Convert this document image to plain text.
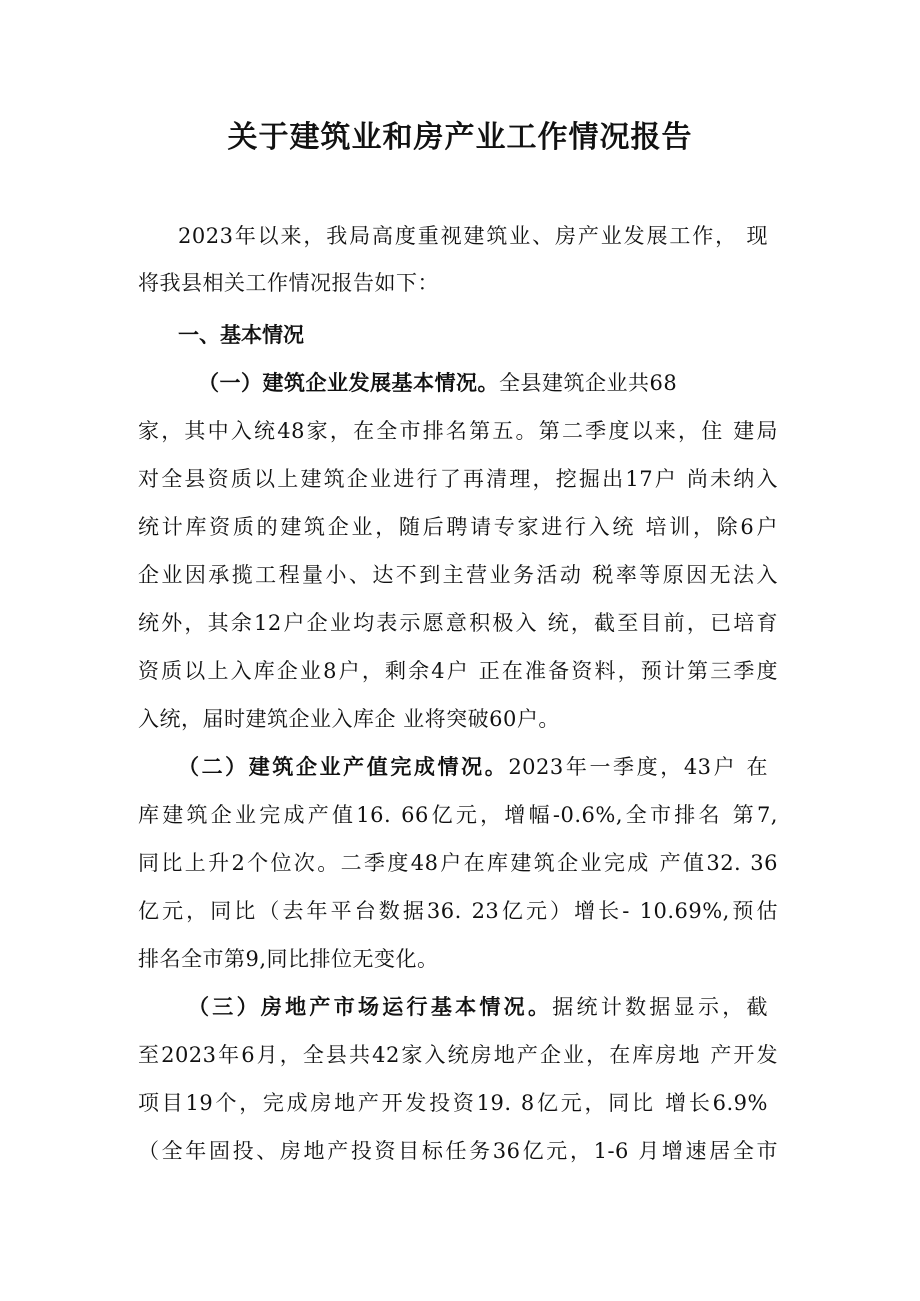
关于建筑业和房产业工作情况报告
2023年以来，我局高度重视建筑业、房产业发展工作， 现
将我县相关工作情况报告如下：
一、基本情况
（一）建筑企业发展基本情况。全县建筑企业共68
家，其中入统48家，在全市排名第五。第二季度以来，住 建局
对全县资质以上建筑企业进行了再清理，挖掘出17户 尚未纳入
统计库资质的建筑企业，随后聘请专家进行入统 培训，除6户
企业因承揽工程量小、达不到主营业务活动 税率等原因无法入
统外，其余12户企业均表示愿意积极入 统，截至目前，已培育
资质以上入库企业8户，剩余4户 正在准备资料，预计第三季度
入统，届时建筑企业入库企 业将突破60户。
（二）建筑企业产值完成情况。2023年一季度，43户 在
库建筑企业完成产值16. 66亿元，增幅-0.6%,全市排名 第7,
同比上升2个位次。二季度48户在库建筑企业完成 产值32. 36
亿元，同比（去年平台数据36. 23亿元）增长- 10.69%,预估
排名全市第9,同比排位无变化。
（三）房地产市场运行基本情况。据统计数据显示，截
至2023年6月，全县共42家入统房地产企业，在库房地 产开发
项目19个，完成房地产开发投资19. 8亿元，同比 增长6.9%
（全年固投、房地产投资目标任务36亿元，1-6 月增速居全市
